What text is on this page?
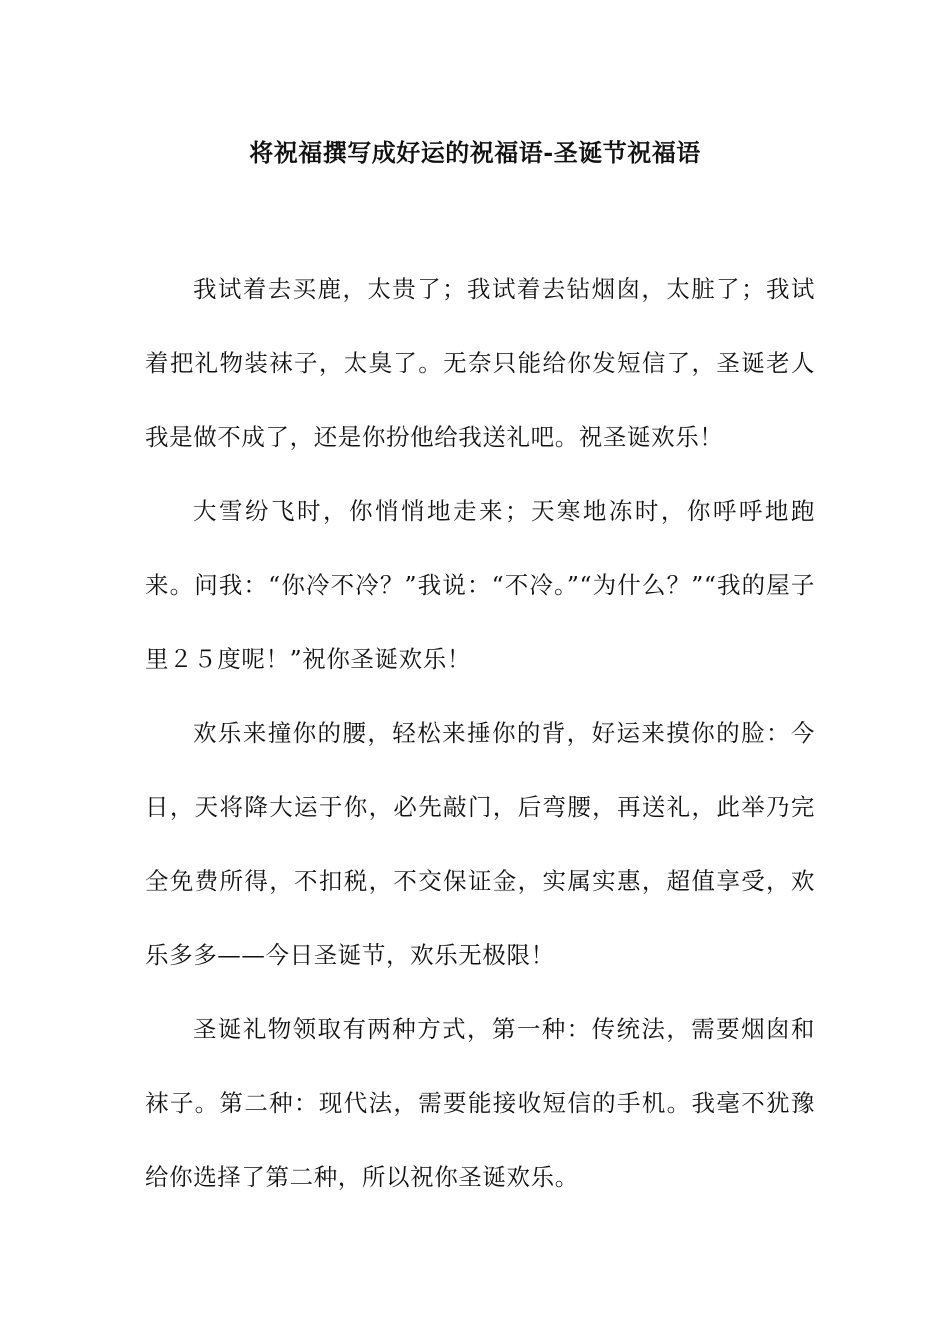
将祝福撰写成好运的祝福语-圣诞节祝福语

我试着去买鹿，太贵了；我试着去钻烟囱，太脏了；我试着把礼物装袜子，太臭了。无奈只能给你发短信了，圣诞老人我是做不成了，还是你扮他给我送礼吧。祝圣诞欢乐！

大雪纷飞时，你悄悄地走来；天寒地冻时，你呼呼地跑来。问我：“你冷不冷？”我说：“不冷。”“为什么？”“我的屋子里２５度呢！”祝你圣诞欢乐！

欢乐来撞你的腰，轻松来捶你的背，好运来摸你的脸：今日，天将降大运于你，必先敲门，后弯腰，再送礼，此举乃完全免费所得，不扣税，不交保证金，实属实惠，超值享受，欢乐多多——今日圣诞节，欢乐无极限！

圣诞礼物领取有两种方式，第一种：传统法，需要烟囱和袜子。第二种：现代法，需要能接收短信的手机。我毫不犹豫给你选择了第二种，所以祝你圣诞欢乐。
